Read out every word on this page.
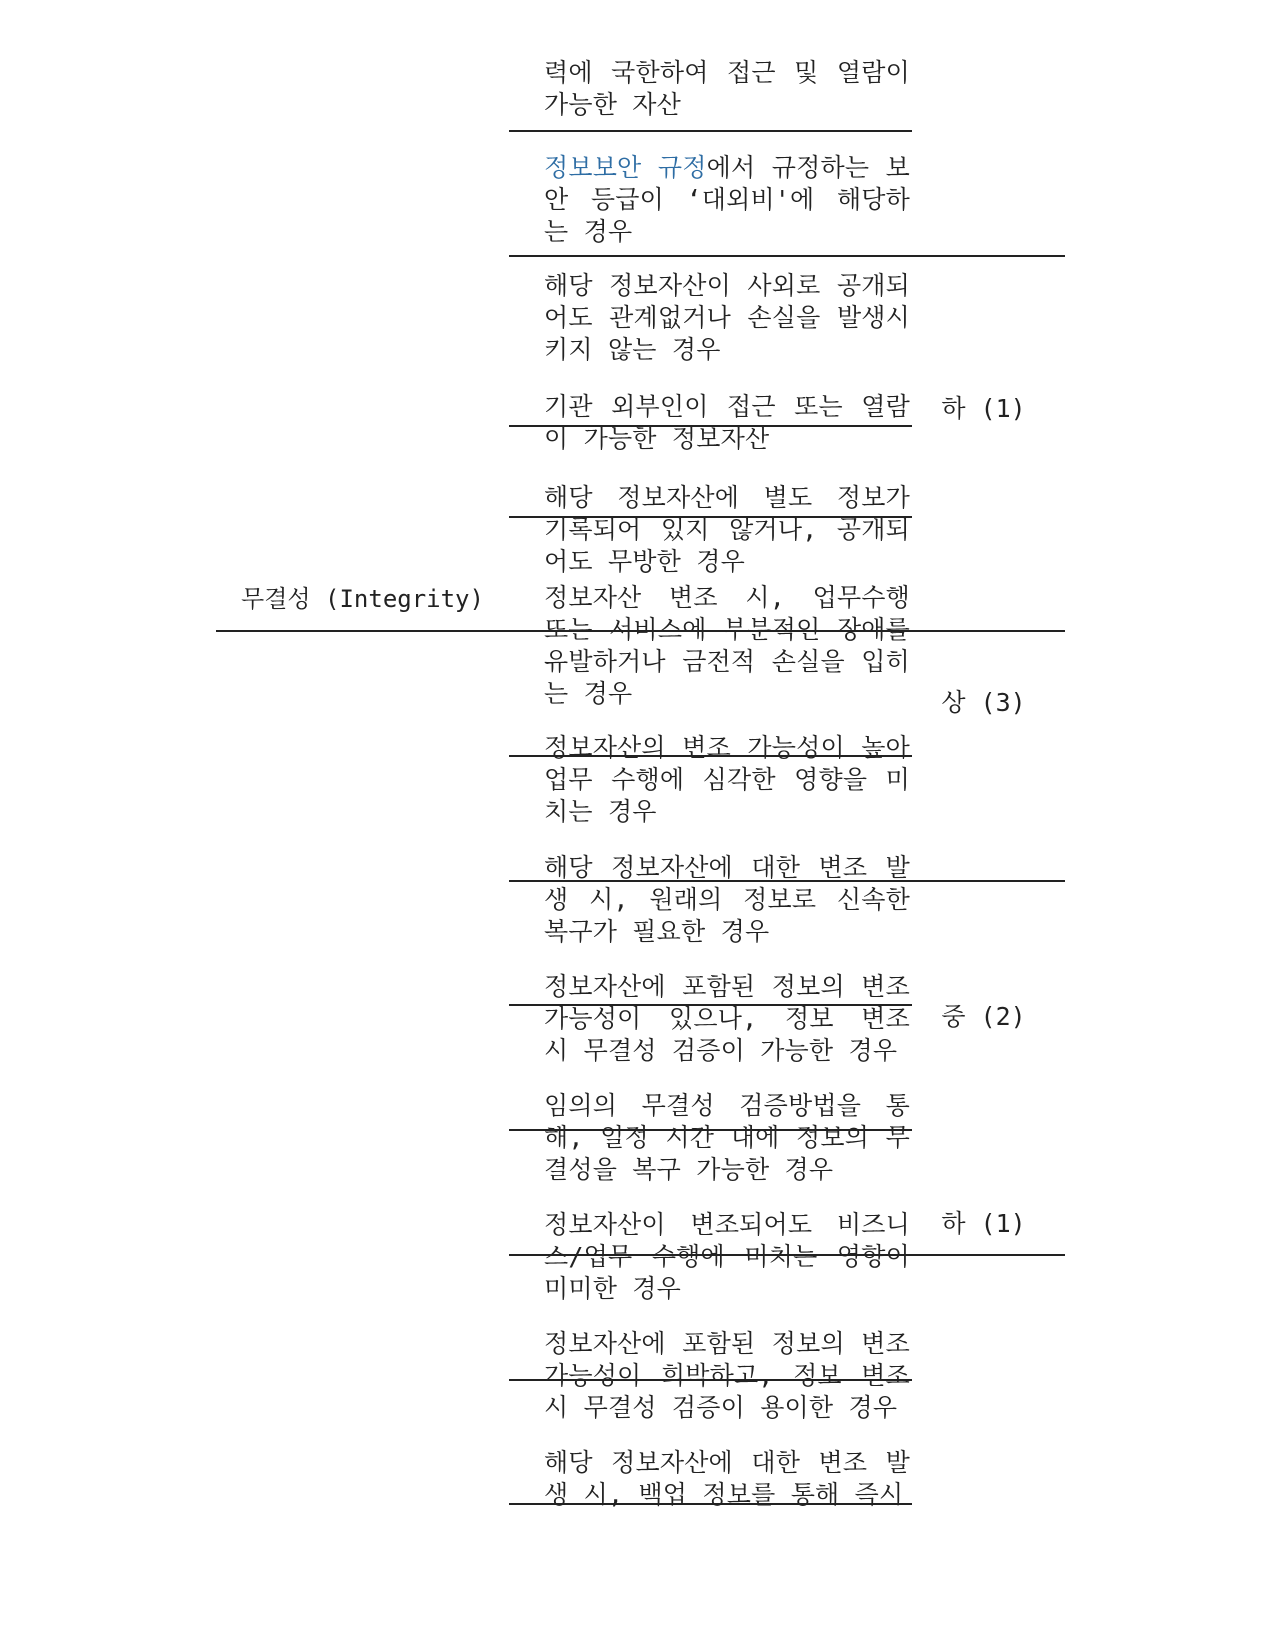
력에 국한하여 접근 및 열람이 가능한 자산
정보보안 규정에서 규정하는 보안 등급이 ‘대외비'에 해당하는 경우
해당 정보자산이 사외로 공개되어도 관계없거나 손실을 발생시키지 않는 경우
기관 외부인이 접근 또는 열람이 가능한 정보자산
해당 정보자산에 별도 정보가 기록되어 있지 않거나, 공개되어도 무방한 경우
하 (1)
무결성 (Integrity)	정보자산 변조 시, 업무수행 또는 서비스에 부분적인 장애를 유발하거나 금전적 손실을 입히는 경우
정보자산의 변조 가능성이 높아 업무 수행에 심각한 영향을 미치는 경우
상 (3)
해당 정보자산에 대한 변조 발생 시, 원래의 정보로 신속한 복구가 필요한 경우
정보자산에 포함된 정보의 변조 가능성이 있으나, 정보 변조 시 무결성 검증이 가능한 경우
임의의 무결성 검증방법을 통해, 일정 시간 내에 정보의 무결성을 복구 가능한 경우
중 (2)
정보자산이 변조되어도 비즈니스/업무 수행에 미치는 영향이 미미한 경우
정보자산에 포함된 정보의 변조 가능성이 희박하고, 정보 변조 시 무결성 검증이 용이한 경우
해당 정보자산에 대한 변조 발생 시, 백업 정보를 통해 즉시
하 (1)
